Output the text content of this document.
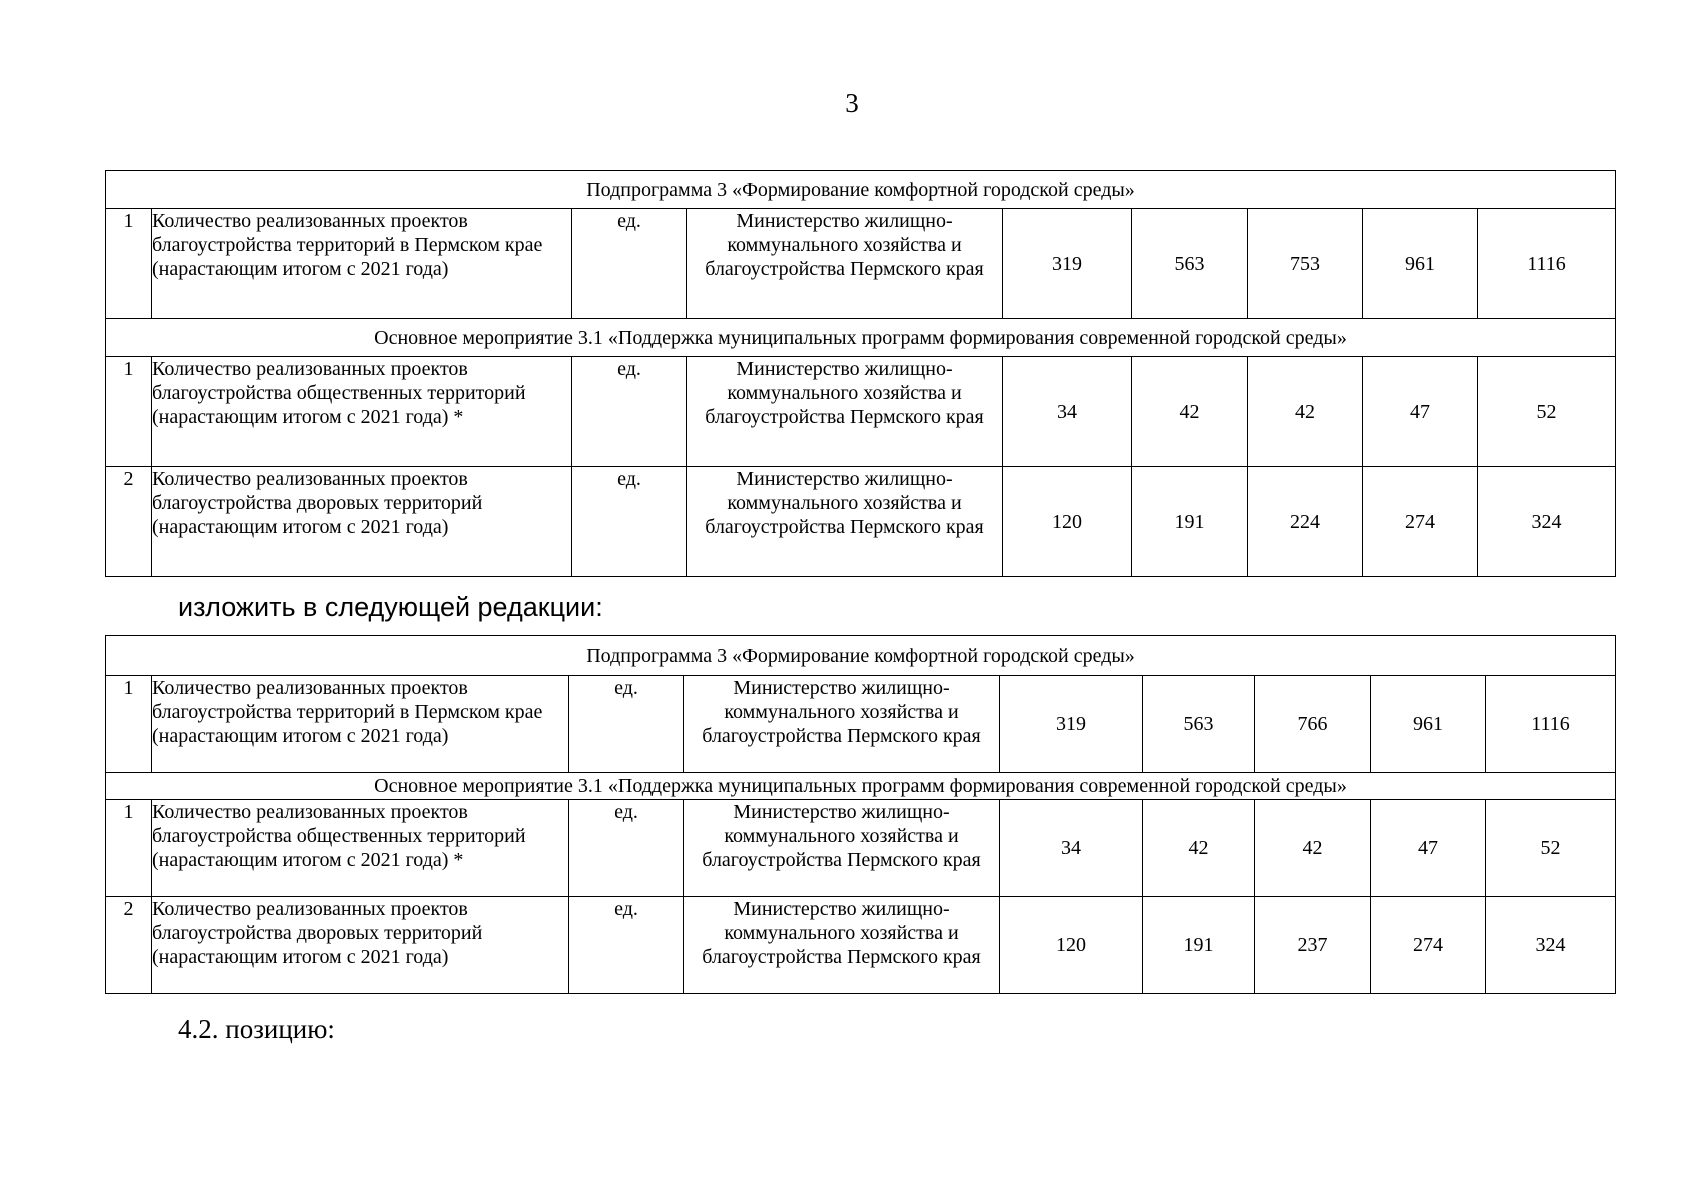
3
Подпрограмма 3 «Формирование комфортной городской среды»								
1	Количество реализованных проектов благоустройства территорий в Пермском крае (нарастающим итогом с 2021 года)	ед.	Министерство жилищно-коммунального хозяйства и благоустройства Пермского края	319	563	753	961	1116
Основное мероприятие 3.1 «Поддержка муниципальных программ формирования современной городской среды»								
1	Количество реализованных проектов благоустройства общественных территорий (нарастающим итогом с 2021 года) *	ед.	Министерство жилищно-коммунального хозяйства и благоустройства Пермского края	34	42	42	47	52
2	Количество реализованных проектов благоустройства дворовых территорий (нарастающим итогом с 2021 года)	ед.	Министерство жилищно-коммунального хозяйства и благоустройства Пермского края	120	191	224	274	324
изложить в следующей редакции:
Подпрограмма 3 «Формирование комфортной городской среды»								
1	Количество реализованных проектов благоустройства территорий в Пермском крае (нарастающим итогом с 2021 года)	ед.	Министерство жилищно-коммунального хозяйства и благоустройства Пермского края	319	563	766	961	1116
Основное мероприятие 3.1 «Поддержка муниципальных программ формирования современной городской среды»								
1	Количество реализованных проектов благоустройства общественных территорий (нарастающим итогом с 2021 года) *	ед.	Министерство жилищно-коммунального хозяйства и благоустройства Пермского края	34	42	42	47	52
2	Количество реализованных проектов благоустройства дворовых территорий (нарастающим итогом с 2021 года)	ед.	Министерство жилищно-коммунального хозяйства и благоустройства Пермского края	120	191	237	274	324
4.2. позицию:
